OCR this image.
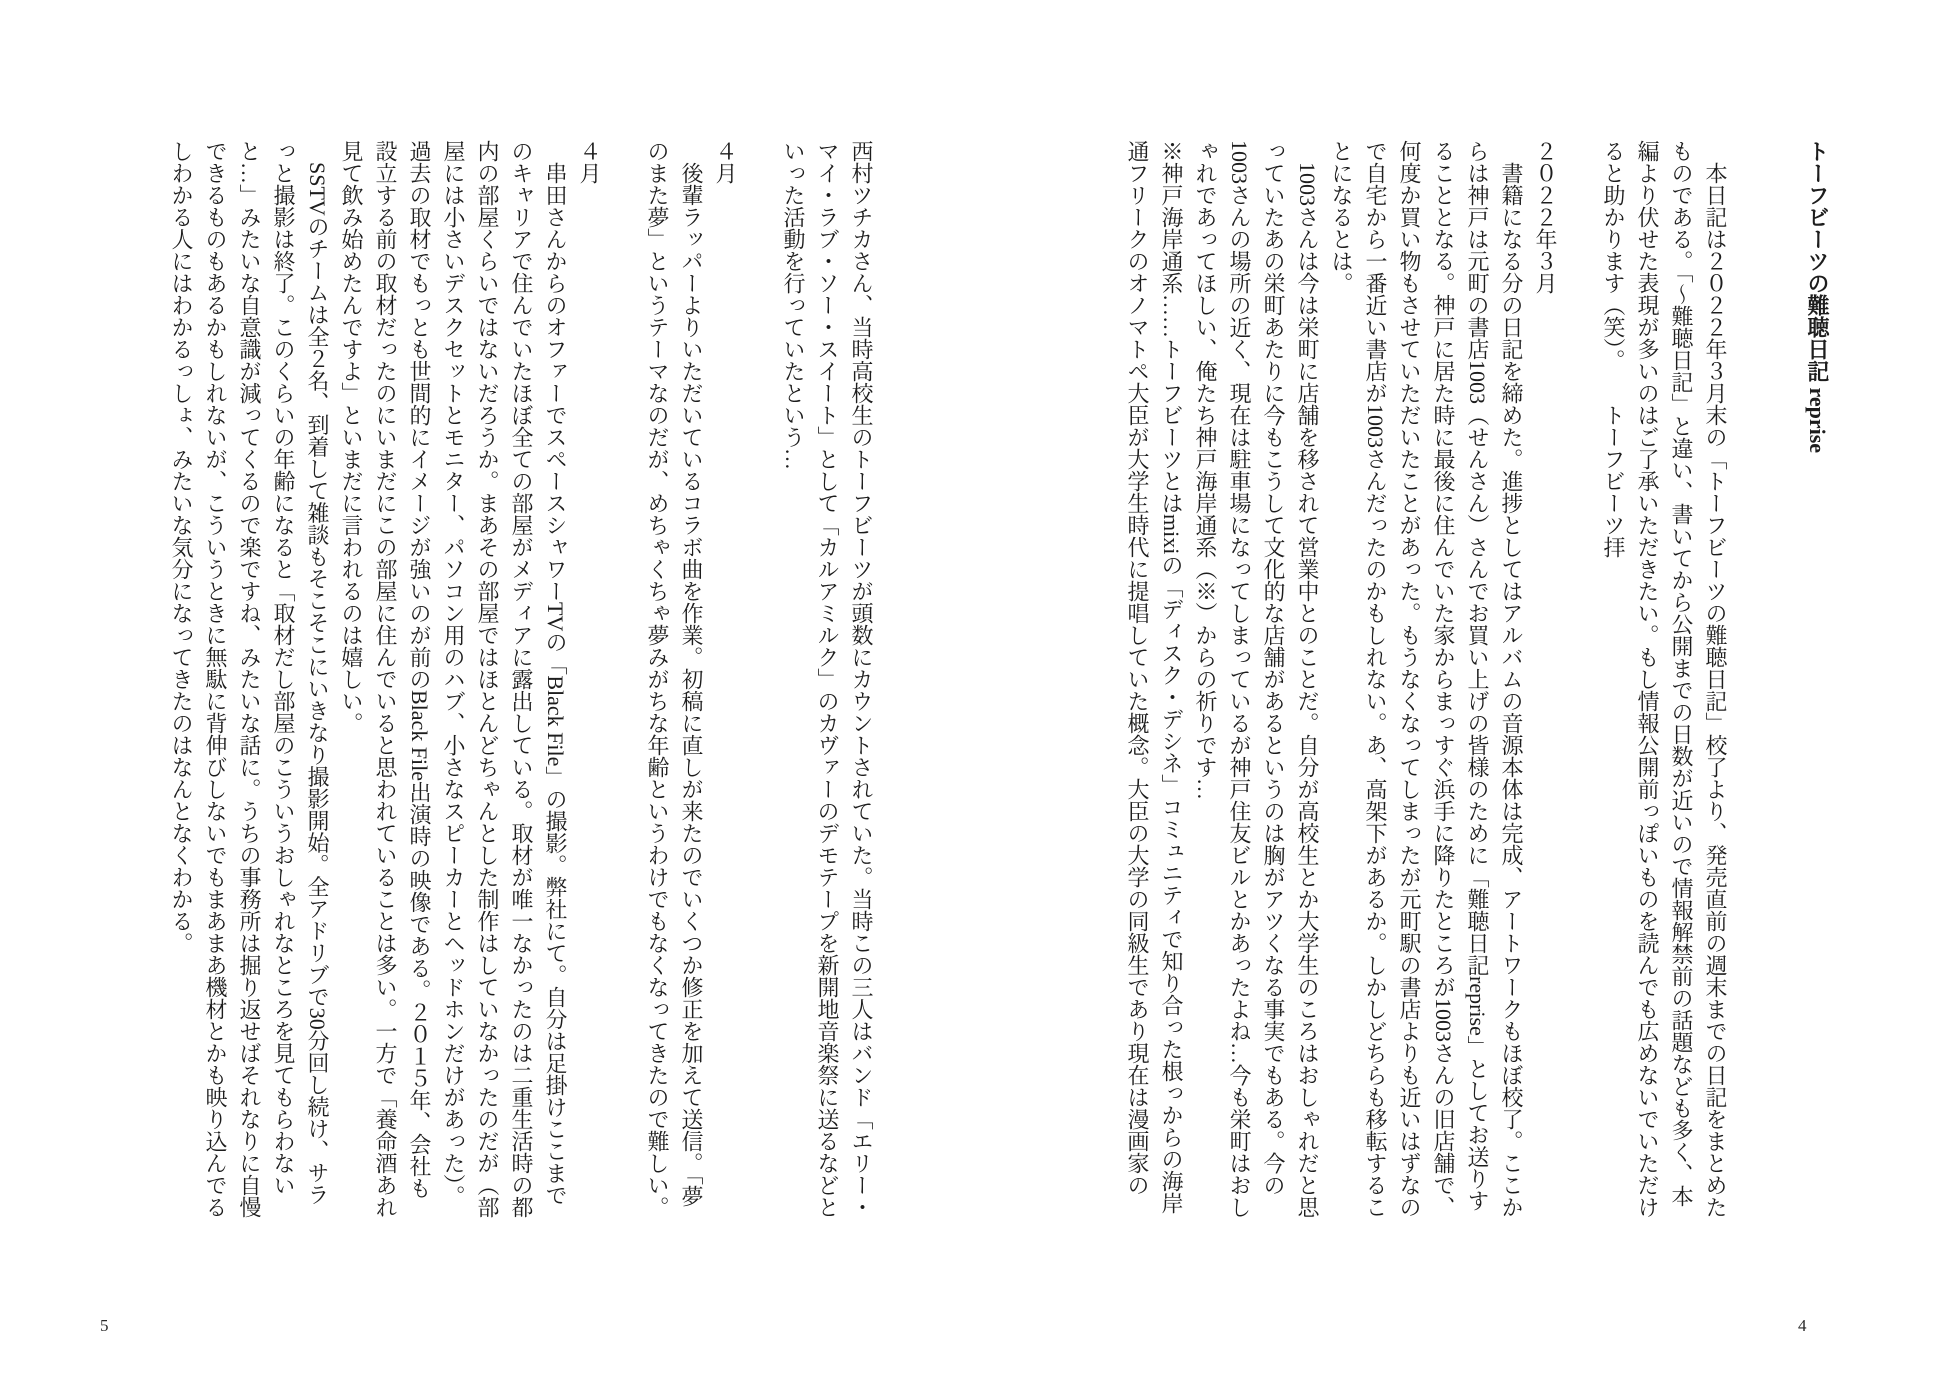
西村ツチカさん、当時高校生のトーフビーツが頭数にカウントされていた。当時この三人はバンド「エリー・マイ・ラブ・ソー・スイート」として「カルアミルク」のカヴァーのデモテープを新開地音楽祭に送るなどといった活動を行っていたという…

４月

　後輩ラッパーよりいただいているコラボ曲を作業。初稿に直しが来たのでいくつか修正を加えて送信。「夢のまた夢」というテーマなのだが、めちゃくちゃ夢みがちな年齢というわけでもなくなってきたので難しい。

４月

　串田さんからのオファーでスペースシャワーTVの「Black File」の撮影。弊社にて。自分は足掛けここまでのキャリアで住んでいたほぼ全ての部屋がメディアに露出している。取材が唯一なかったのは二重生活時の都内の部屋くらいではないだろうか。まあその部屋ではほとんどちゃんとした制作はしていなかったのだが（部屋には小さいデスクセットとモニター、パソコン用のハブ、小さなスピーカーとヘッドホンだけがあった）。過去の取材でもっとも世間的にイメージが強いのが前のBlack File出演時の映像である。２０１５年、会社も設立する前の取材だったのにいまだにこの部屋に住んでいると思われていることは多い。一方で「養命酒あれ見て飲み始めたんですよ」といまだに言われるのは嬉しい。

　SSTVのチームは全２名、到着して雑談もそこそこにいきなり撮影開始。全アドリブで30分回し続け、サラっと撮影は終了。このくらいの年齢になると「取材だし部屋のこういうおしゃれなところを見てもらわないと…」みたいな自意識が減ってくるので楽ですね、みたいな話に。うちの事務所は掘り返せばそれなりに自慢できるものもあるかもしれないが、こういうときに無駄に背伸びしないでもまあまあ機材とかも映り込んでるしわかる人にはわかるっしょ、みたいな気分になってきたのはなんとなくわかる。

5

トーフビーツの難聴日記 reprise

　本日記は２０２２年３月末の「トーフビーツの難聴日記」校了より、発売直前の週末までの日記をまとめたものである。「〜難聴日記」と違い、書いてから公開までの日数が近いので情報解禁前の話題なども多く、本編より伏せた表現が多いのはご了承いただきたい。もし情報公開前っぽいものを読んでも広めないでいただけると助かります（笑）。　　トーフビーツ拝

２０２２年３月

　書籍になる分の日記を締めた。進捗としてはアルバムの音源本体は完成、アートワークもほぼ校了。ここからは神戸は元町の書店1003（せんさん）さんでお買い上げの皆様のために「難聴日記reprise」としてお送りすることとなる。神戸に居た時に最後に住んでいた家からまっすぐ浜手に降りたところが1003さんの旧店舗で、何度か買い物もさせていただいたことがあった。もうなくなってしまったが元町駅の書店よりも近いはずなので自宅から一番近い書店が1003さんだったのかもしれない。あ、高架下があるか。しかしどちらも移転することになるとは。

　1003さんは今は栄町に店舗を移されて営業中とのことだ。自分が高校生とか大学生のころはおしゃれだと思っていたあの栄町あたりに今もこうして文化的な店舗があるというのは胸がアツくなる事実でもある。今の1003さんの場所の近く、現在は駐車場になってしまっているが神戸住友ビルとかあったよね…今も栄町はおしゃれであってほしい、俺たち神戸海岸通系（※）からの祈りです…

※神戸海岸通系……トーフビーツとはmixiの「ディスク・デシネ」コミュニティで知り合った根っからの海岸通フリークのオノマトペ大臣が大学生時代に提唱していた概念。大臣の大学の同級生であり現在は漫画家の

4
